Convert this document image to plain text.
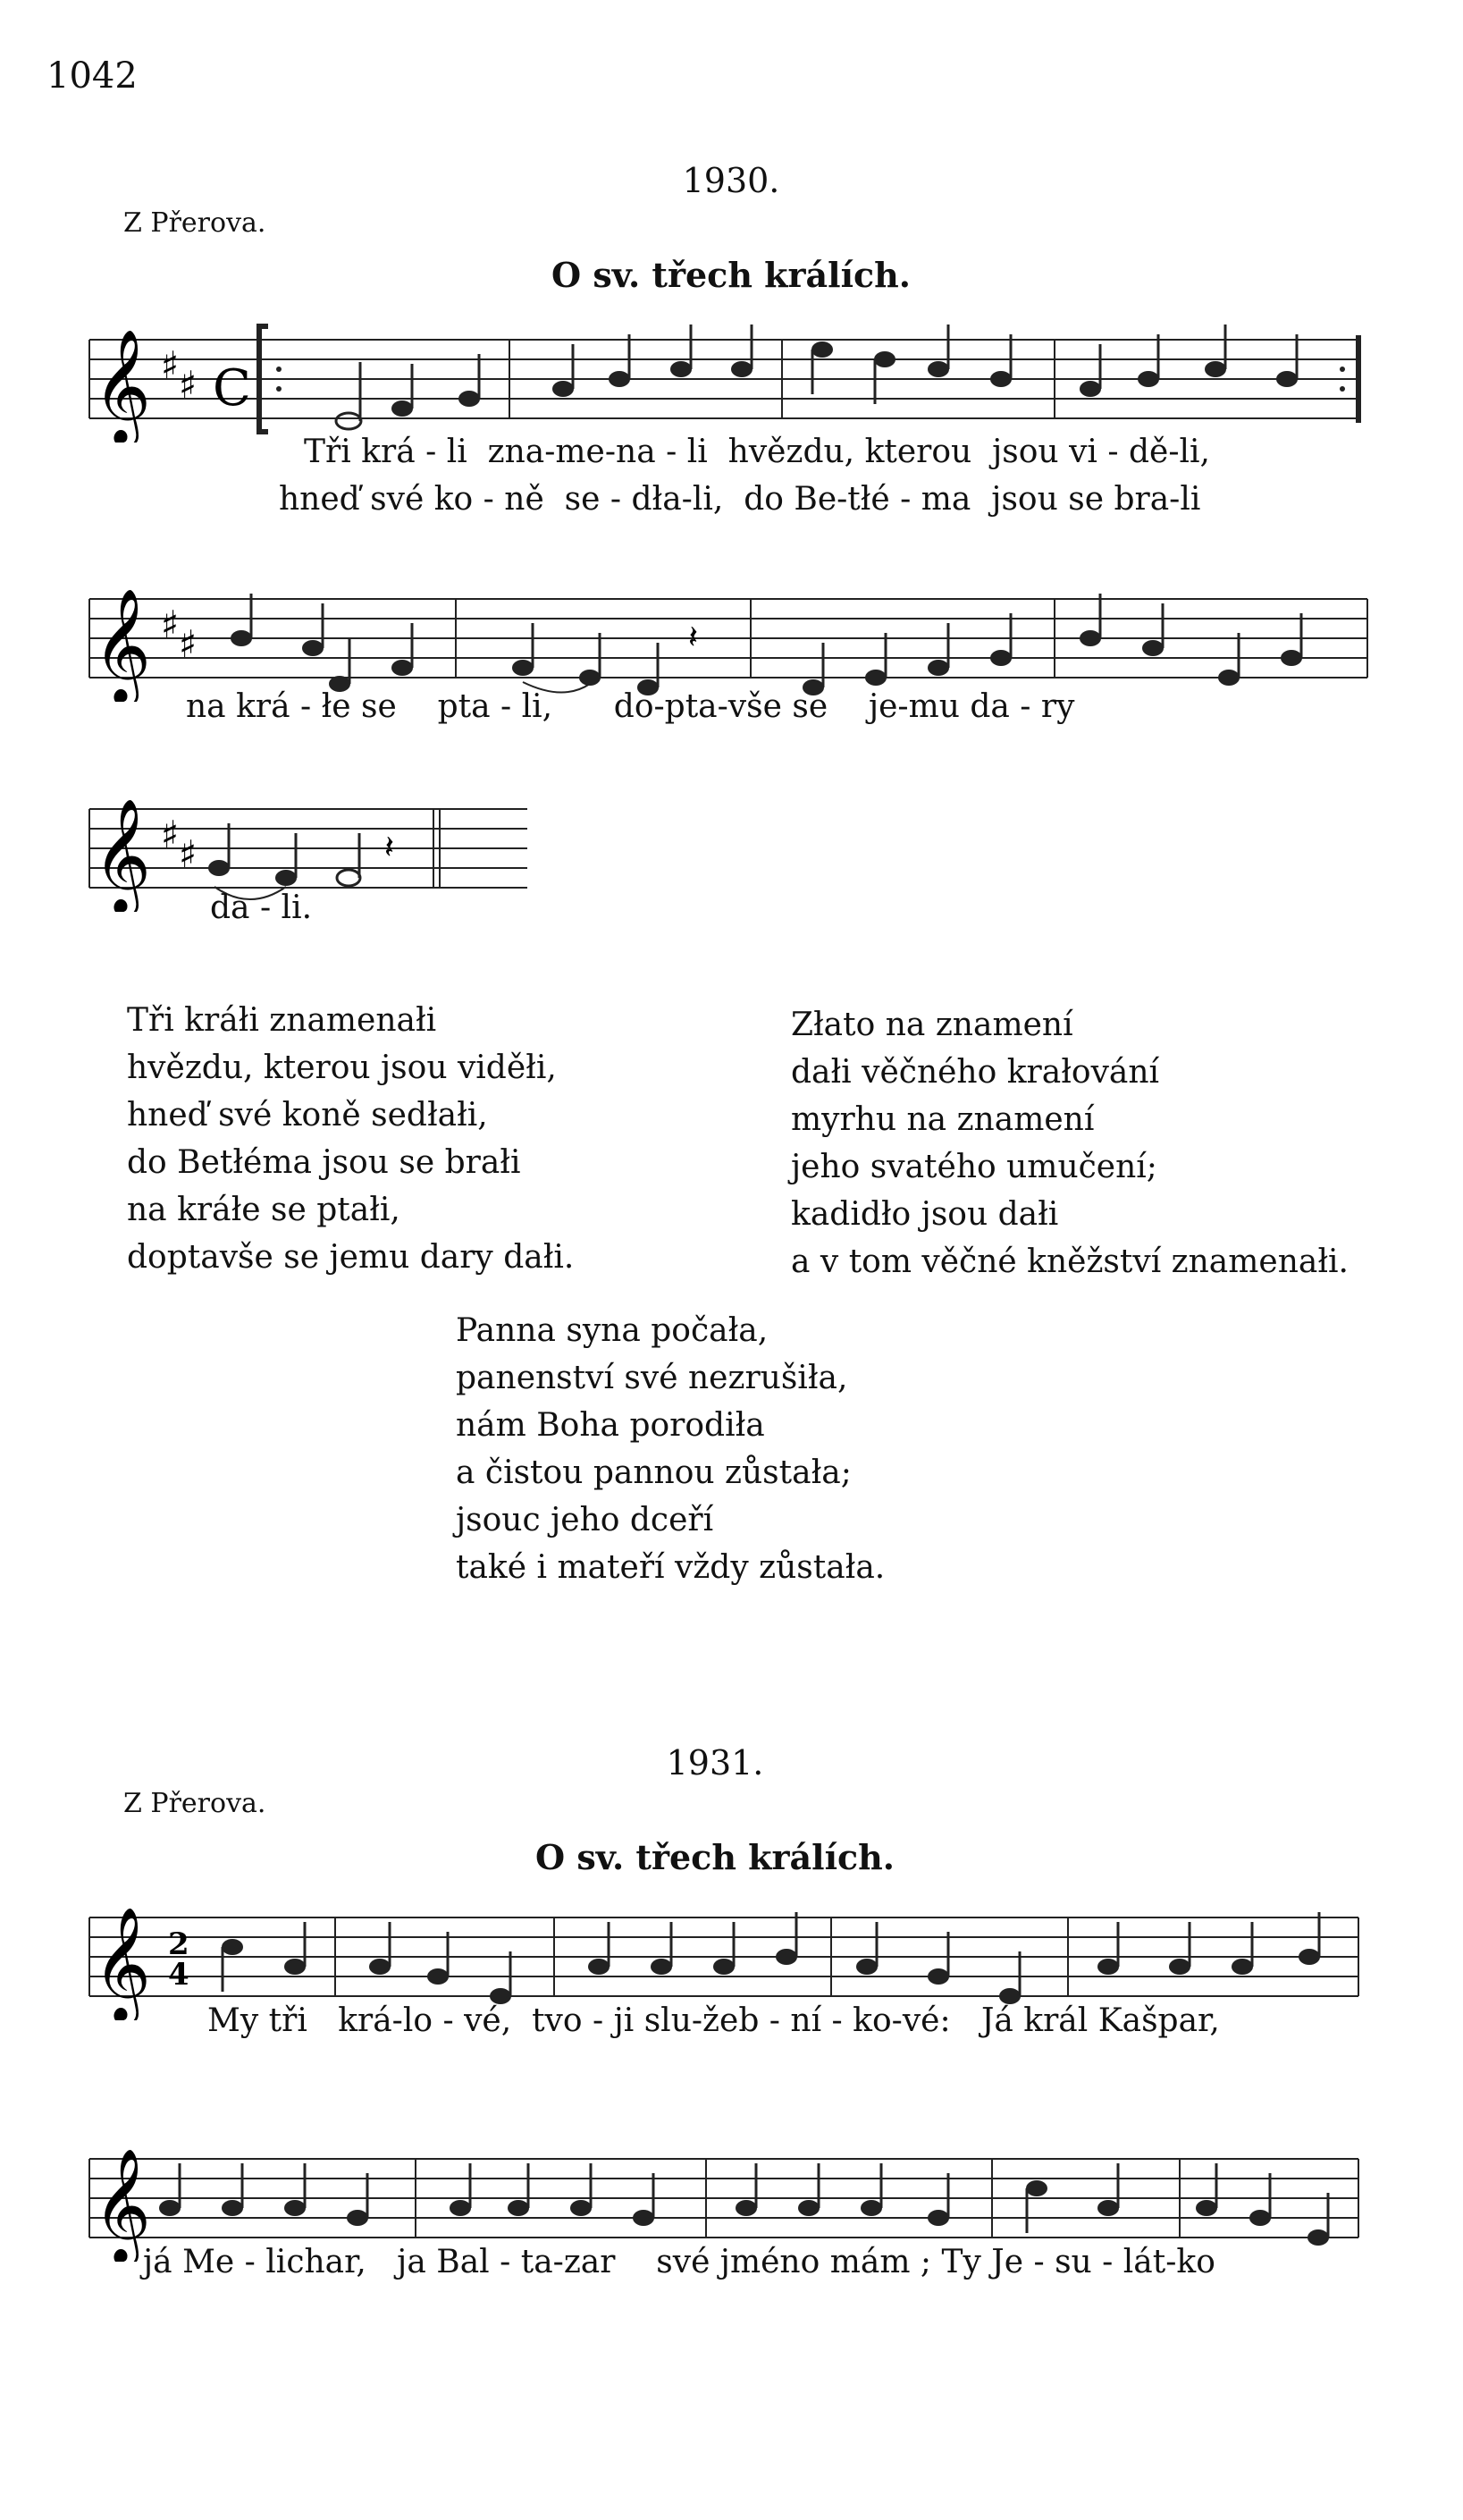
1042
1930.
Z Přerova.
O sv. třech králích.
𝄞 ♯ ♯ C
Tři krá - li zna-me-na - li hvězdu, kterou jsou vi - dě-li,
hneď své ko - ně se - dła-li, do Be-tłé - ma jsou se bra-li
𝄞 ♯ ♯	𝄽
na krá - łe se pta - li, do-pta-vše se je-mu da - ry
𝄞 ♯ ♯	𝄽
da - li.
Tři kráłi znamenałi
hvězdu, kterou jsou viděłi,
hneď své koně sedłałi,
do Betłéma jsou se brałi
na kráłe se ptałi,
doptavše se jemu dary dałi.
Złato na znamení
dałi věčného krałování
myrhu na znamení
jeho svatého umučení;
kadidło jsou dałi
a v tom věčné kněžství znamenałi.
Panna syna počała,
panenství své nezrušiła,
nám Boha porodiła
a čistou pannou zůstała;
jsouc jeho dceří
také i mateří vždy zůstała.
1931.
Z Přerova.
O sv. třech králích.
𝄞 2
4
My tři krá-lo - vé, tvo - ji slu-žeb - ní - ko-vé: Já král Kašpar,
𝄞
já Me - lichar, ja Bal - ta-zar své jméno mám ; Ty Je - su - lát-ko
